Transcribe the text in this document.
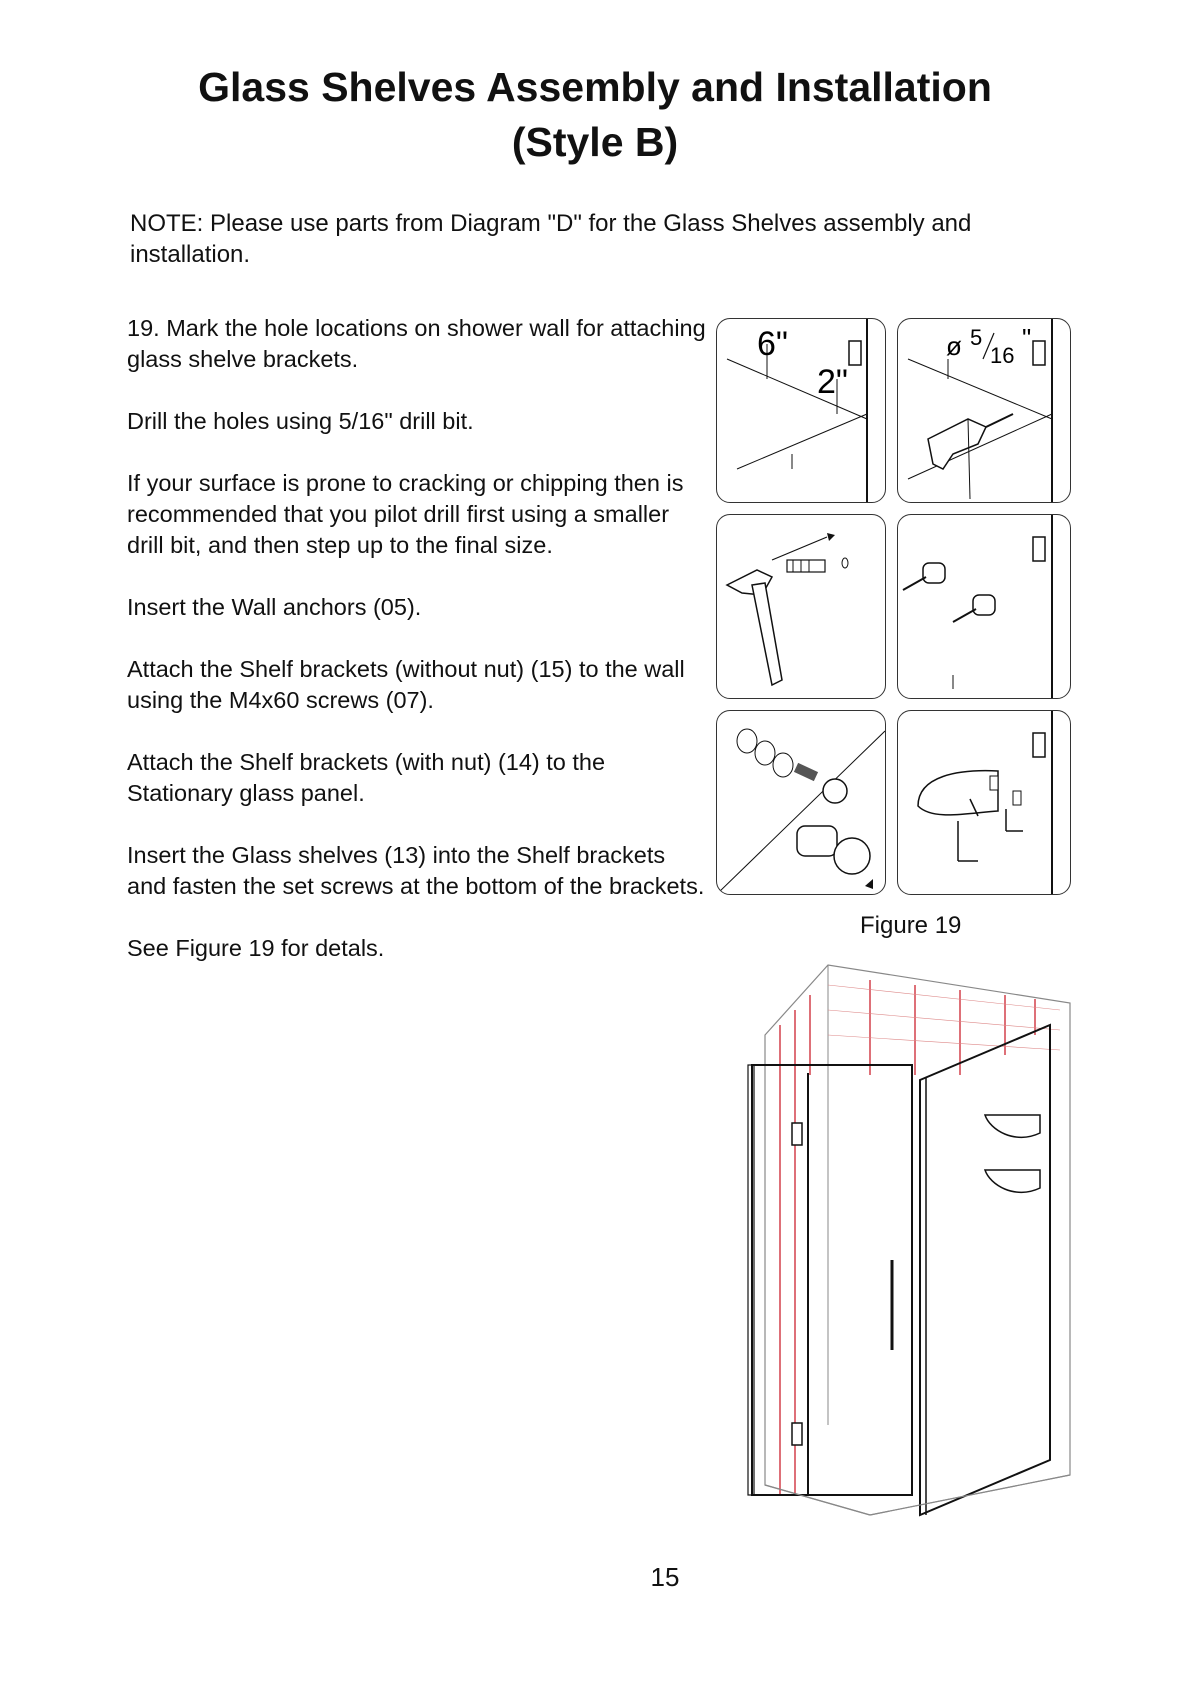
Glass Shelves Assembly and Installation
(Style B)
NOTE: Please use parts from Diagram "D" for the Glass Shelves assembly and installation.

19. Mark the hole locations on shower wall for attaching glass shelve brackets.

Drill the holes using 5/16" drill bit.

If your surface is prone to cracking or chipping then is recommended that you pilot drill first using a smaller drill bit, and then step up to the final size.

Insert the Wall anchors (05).

Attach the Shelf brackets (without nut) (15) to the wall using the M4x60 screws (07).

Attach the Shelf brackets (with nut) (14) to the Stationary glass panel.

Insert the Glass shelves (13) into the Shelf brackets and fasten the set screws at the bottom of the brackets.

See Figure 19 for detals.

6"
2"
ø 5
16
"
Figure 19
15
